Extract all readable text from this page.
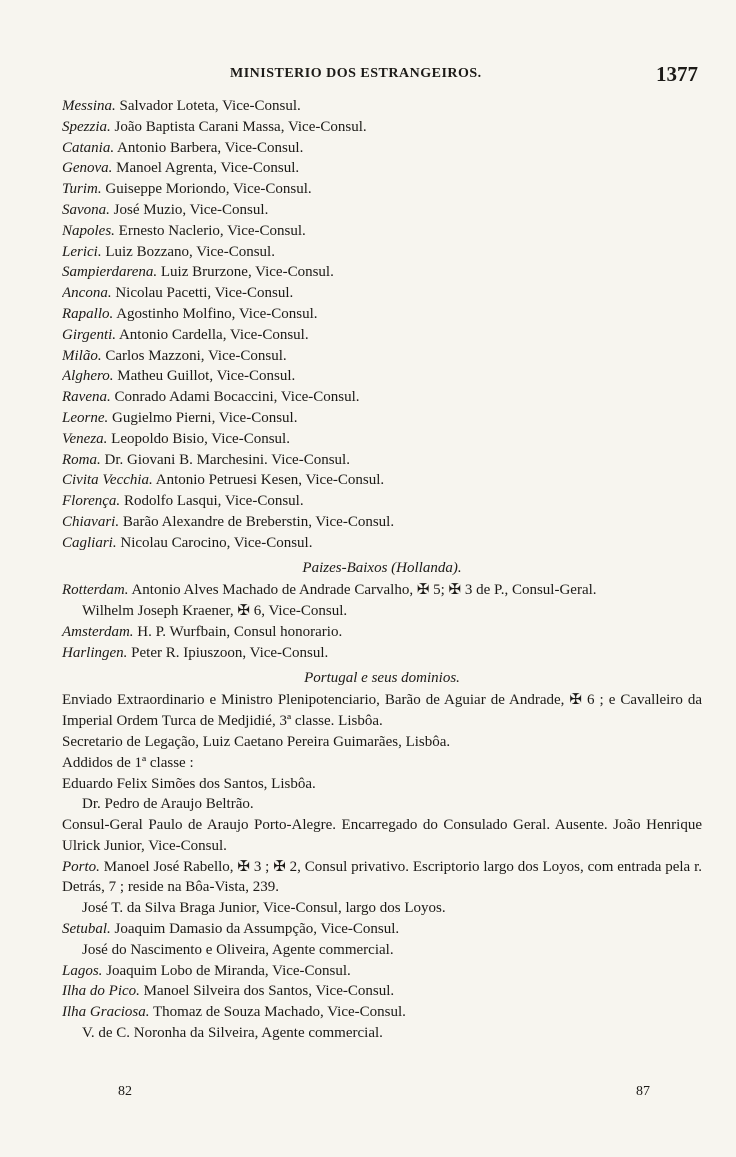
MINISTERIO DOS ESTRANGEIROS.	1377
Messina. Salvador Loteta, Vice-Consul.
Spezzia. João Baptista Carani Massa, Vice-Consul.
Catania. Antonio Barbera, Vice-Consul.
Genova. Manoel Agrenta, Vice-Consul.
Turim. Guiseppe Moriondo, Vice-Consul.
Savona. José Muzio, Vice-Consul.
Napoles. Ernesto Naclerio, Vice-Consul.
Lerici. Luiz Bozzano, Vice-Consul.
Sampierdarena. Luiz Brurzone, Vice-Consul.
Ancona. Nicolau Pacetti, Vice-Consul.
Rapallo. Agostinho Molfino, Vice-Consul.
Girgenti. Antonio Cardella, Vice-Consul.
Milão. Carlos Mazzoni, Vice-Consul.
Alghero. Matheu Guillot, Vice-Consul.
Ravena. Conrado Adami Bocaccini, Vice-Consul.
Leorne. Gugielmo Pierni, Vice-Consul.
Veneza. Leopoldo Bisio, Vice-Consul.
Roma. Dr. Giovani B. Marchesini. Vice-Consul.
Civita Vecchia. Antonio Petruesi Kesen, Vice-Consul.
Florença. Rodolfo Lasqui, Vice-Consul.
Chiavari. Barão Alexandre de Breberstin, Vice-Consul.
Cagliari. Nicolau Carocino, Vice-Consul.
Paizes-Baixos (Hollanda).
Rotterdam. Antonio Alves Machado de Andrade Carvalho, ✠ 5; ✠ 3 de P., Consul-Geral.
Wilhelm Joseph Kraener, ✠ 6, Vice-Consul.
Amsterdam. H. P. Wurfbain, Consul honorario.
Harlingen. Peter R. Ipiuszoon, Vice-Consul.
Portugal e seus dominios.
Enviado Extraordinario e Ministro Plenipotenciario, Barão de Aguiar de Andrade, ✠ 6 ; e Cavalleiro da Imperial Ordem Turca de Medjidié, 3ª classe. Lisbôa.
Secretario de Legação, Luiz Caetano Pereira Guimarães, Lisbôa.
Addidos de 1ª classe :
Eduardo Felix Simões dos Santos, Lisbôa.
Dr. Pedro de Araujo Beltrão.
Consul-Geral Paulo de Araujo Porto-Alegre. Encarregado do Consulado Geral. Ausente. João Henrique Ulrick Junior, Vice-Consul.
Porto. Manoel José Rabello, ✠ 3 ; ✠ 2, Consul privativo. Escriptorio largo dos Loyos, com entrada pela r. Detrás, 7 ; reside na Bôa-Vista, 239.
José T. da Silva Braga Junior, Vice-Consul, largo dos Loyos.
Setubal. Joaquim Damasio da Assumpção, Vice-Consul.
José do Nascimento e Oliveira, Agente commercial.
Lagos. Joaquim Lobo de Miranda, Vice-Consul.
Ilha do Pico. Manoel Silveira dos Santos, Vice-Consul.
Ilha Graciosa. Thomaz de Souza Machado, Vice-Consul.
V. de C. Noronha da Silveira, Agente commercial.
82	87
